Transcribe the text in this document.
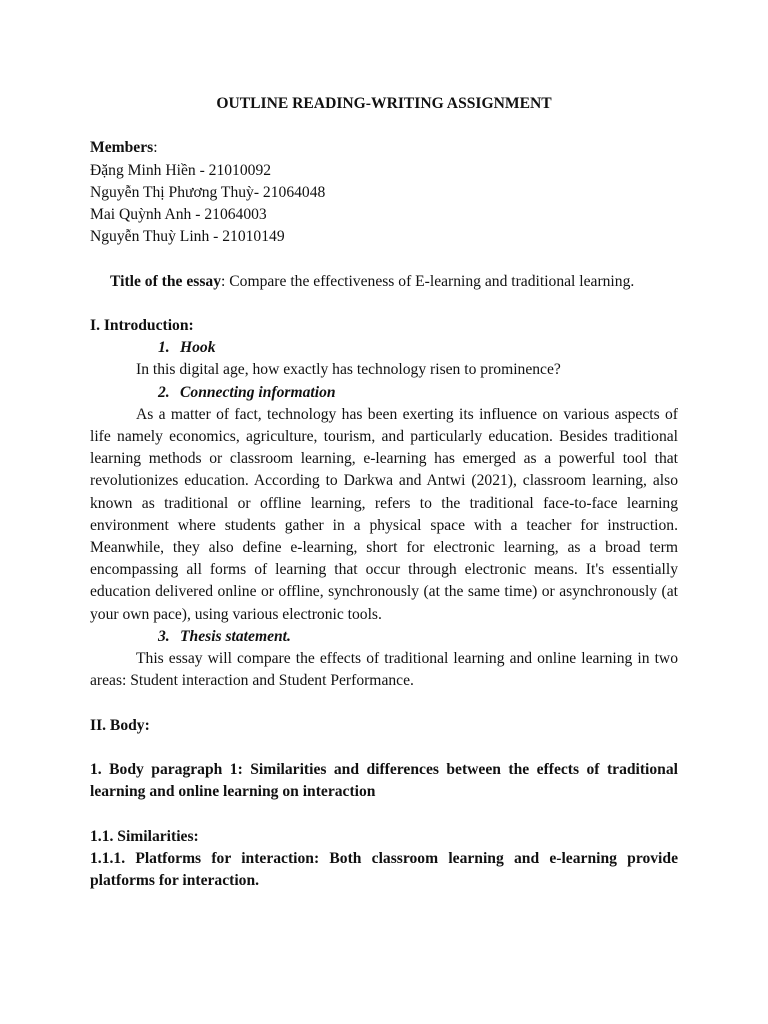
OUTLINE READING-WRITING ASSIGNMENT

Members:

Đặng Minh Hiền - 21010092

Nguyễn Thị Phương Thuỳ- 21064048

Mai Quỳnh Anh - 21064003

Nguyễn Thuỳ Linh - 21010149

Title of the essay: Compare the effectiveness of E-learning and traditional learning.

I. Introduction:

1. Hook

In this digital age, how exactly has technology risen to prominence?

2. Connecting information

As a matter of fact, technology has been exerting its influence on various aspects of life namely economics, agriculture, tourism, and particularly education. Besides traditional learning methods or classroom learning, e-learning has emerged as a powerful tool that revolutionizes education. According to Darkwa and Antwi (2021), classroom learning, also known as traditional or offline learning, refers to the traditional face-to-face learning environment where students gather in a physical space with a teacher for instruction. Meanwhile, they also define e-learning, short for electronic learning, as a broad term encompassing all forms of learning that occur through electronic means. It's essentially education delivered online or offline, synchronously (at the same time) or asynchronously (at your own pace), using various electronic tools.

3. Thesis statement.

This essay will compare the effects of traditional learning and online learning in two areas: Student interaction and Student Performance.

II. Body:

1. Body paragraph 1: Similarities and differences between the effects of traditional learning and online learning on interaction

1.1. Similarities:

1.1.1. Platforms for interaction: Both classroom learning and e-learning provide platforms for interaction.
